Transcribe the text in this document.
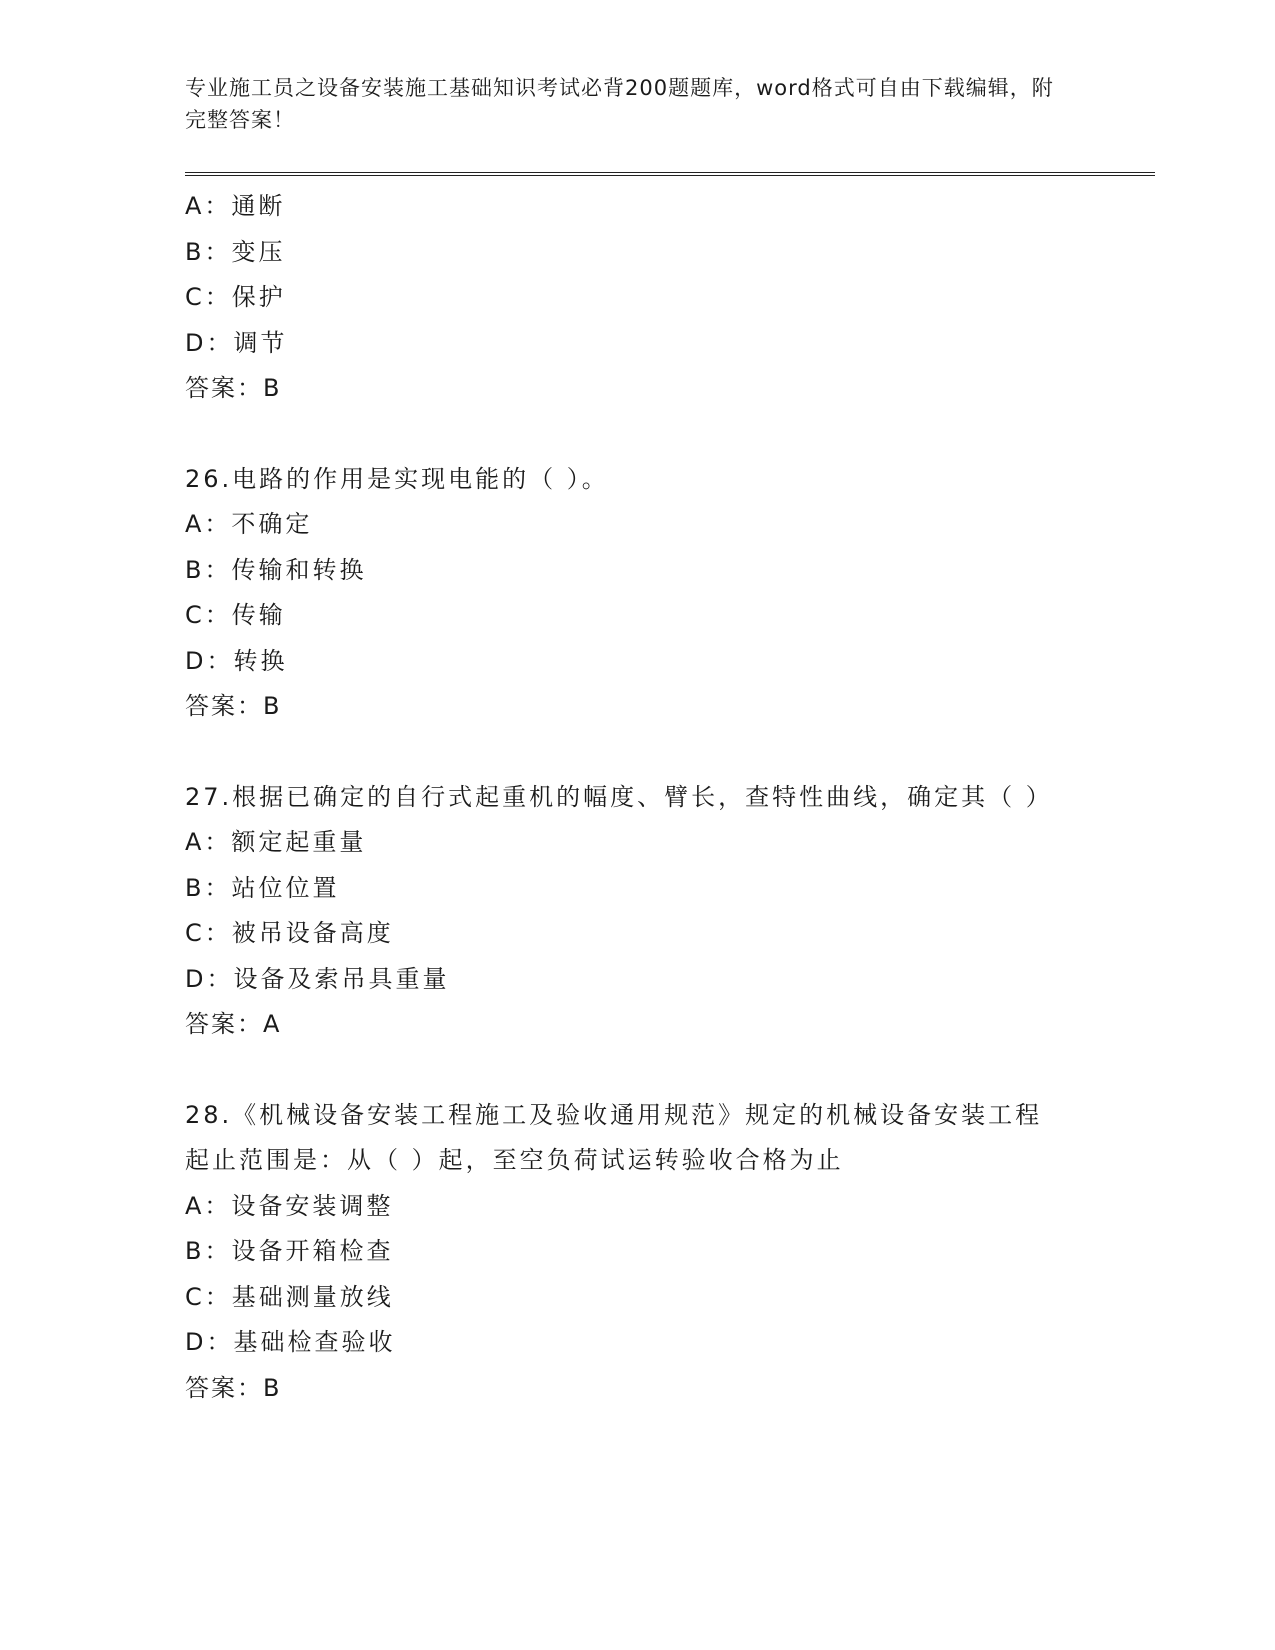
专业施工员之设备安装施工基础知识考试必背200题题库，word格式可自由下载编辑，附完整答案！

A：通断
B：变压
C：保护
D：调节
答案：B
26.电路的作用是实现电能的（ ）。
A：不确定
B：传输和转换
C：传输
D：转换
答案：B
27.根据已确定的自行式起重机的幅度、臂长，查特性曲线，确定其（ ）
A：额定起重量
B：站位位置
C：被吊设备高度
D：设备及索吊具重量
答案：A
28.《机械设备安装工程施工及验收通用规范》规定的机械设备安装工程起止范围是：从（ ）起，至空负荷试运转验收合格为止
A：设备安装调整
B：设备开箱检查
C：基础测量放线
D：基础检查验收
答案：B
